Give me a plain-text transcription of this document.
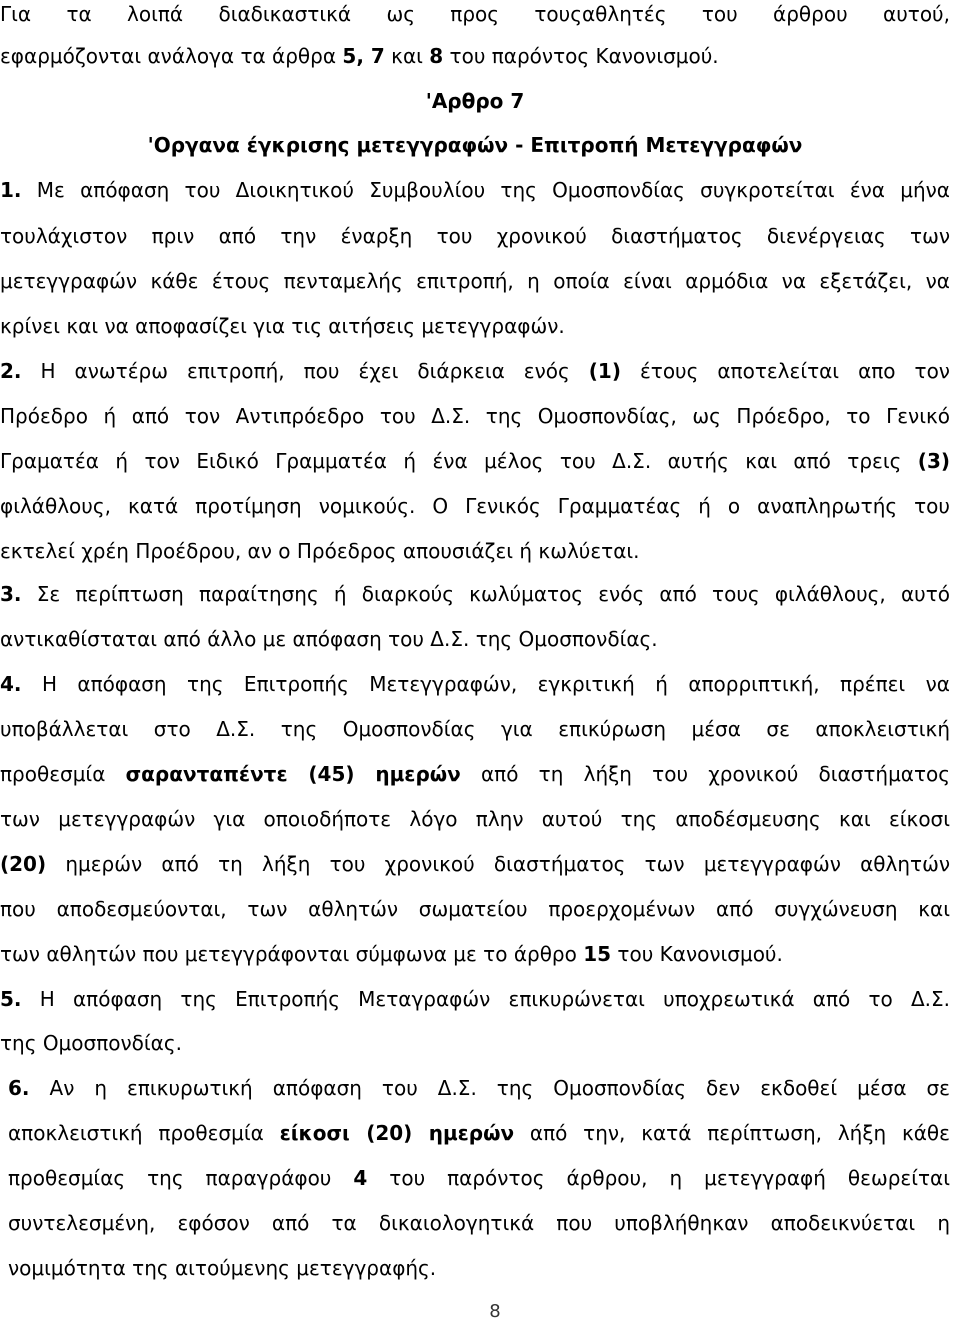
Για τα λοιπά διαδικαστικά ως προς τουςαθλητές του άρθρου αυτού,
εφαρμόζονται ανάλογα τα άρθρα 5, 7 και 8 του παρόντος Κανονισμού.
'Αρθρο 7
'Οργανα έγκρισης μετεγγραφών - Επιτροπή Μετεγγραφών
1. Με απόφαση του Διοικητικού Συμβουλίου της Ομοσπονδίας συγκροτείται ένα μήνα
τουλάχιστον πριν από την έναρξη του χρονικού διαστήματος διενέργειας των
μετεγγραφών κάθε έτους πενταμελής επιτροπή, η οποία είναι αρμόδια να εξετάζει, να
κρίνει και να αποφασίζει για τις αιτήσεις μετεγγραφών.
2. Η ανωτέρω επιτροπή, που έχει διάρκεια ενός (1) έτους αποτελείται απο τον
Πρόεδρο ή από τον Αντιπρόεδρο του Δ.Σ. της Ομοσπονδίας, ως Πρόεδρο, το Γενικό
Γραματέα ή τον Ειδικό Γραμματέα ή ένα μέλος του Δ.Σ. αυτής και από τρεις (3)
φιλάθλους, κατά προτίμηση νομικούς. Ο Γενικός Γραμματέας ή ο αναπληρωτής του
εκτελεί χρέη Προέδρου, αν ο Πρόεδρος απουσιάζει ή κωλύεται.
3. Σε περίπτωση παραίτησης ή διαρκούς κωλύματος ενός από τους φιλάθλους, αυτό
αντικαθίσταται από άλλο με απόφαση του Δ.Σ. της Ομοσπονδίας.
4. Η απόφαση της Επιτροπής Μετεγγραφών, εγκριτική ή απορριπτική, πρέπει να
υποβάλλεται στο Δ.Σ. της Ομοσπονδίας για επικύρωση μέσα σε αποκλειστική
προθεσμία σαρανταπέντε (45) ημερών από τη λήξη του χρονικού διαστήματος
των μετεγγραφών για οποιοδήποτε λόγο πλην αυτού της αποδέσμευσης και είκοσι
(20) ημερών από τη λήξη του χρονικού διαστήματος των μετεγγραφών αθλητών
που αποδεσμεύονται, των αθλητών σωματείου προερχομένων από συγχώνευση και
των αθλητών που μετεγγράφονται σύμφωνα με το άρθρο 15 του Κανονισμού.
5. Η απόφαση της Επιτροπής Μεταγραφών επικυρώνεται υποχρεωτικά από το Δ.Σ.
της Ομοσπονδίας.
6. Αν η επικυρωτική απόφαση του Δ.Σ. της Ομοσπονδίας δεν εκδοθεί μέσα σε
αποκλειστική προθεσμία είκοσι (20) ημερών από την, κατά περίπτωση, λήξη κάθε
προθεσμίας της παραγράφου 4 του παρόντος άρθρου, η μετεγγραφή θεωρείται
συντελεσμένη, εφόσον από τα δικαιολογητικά που υποβλήθηκαν αποδεικνύεται η
νομιμότητα της αιτούμενης μετεγγραφής.
8
